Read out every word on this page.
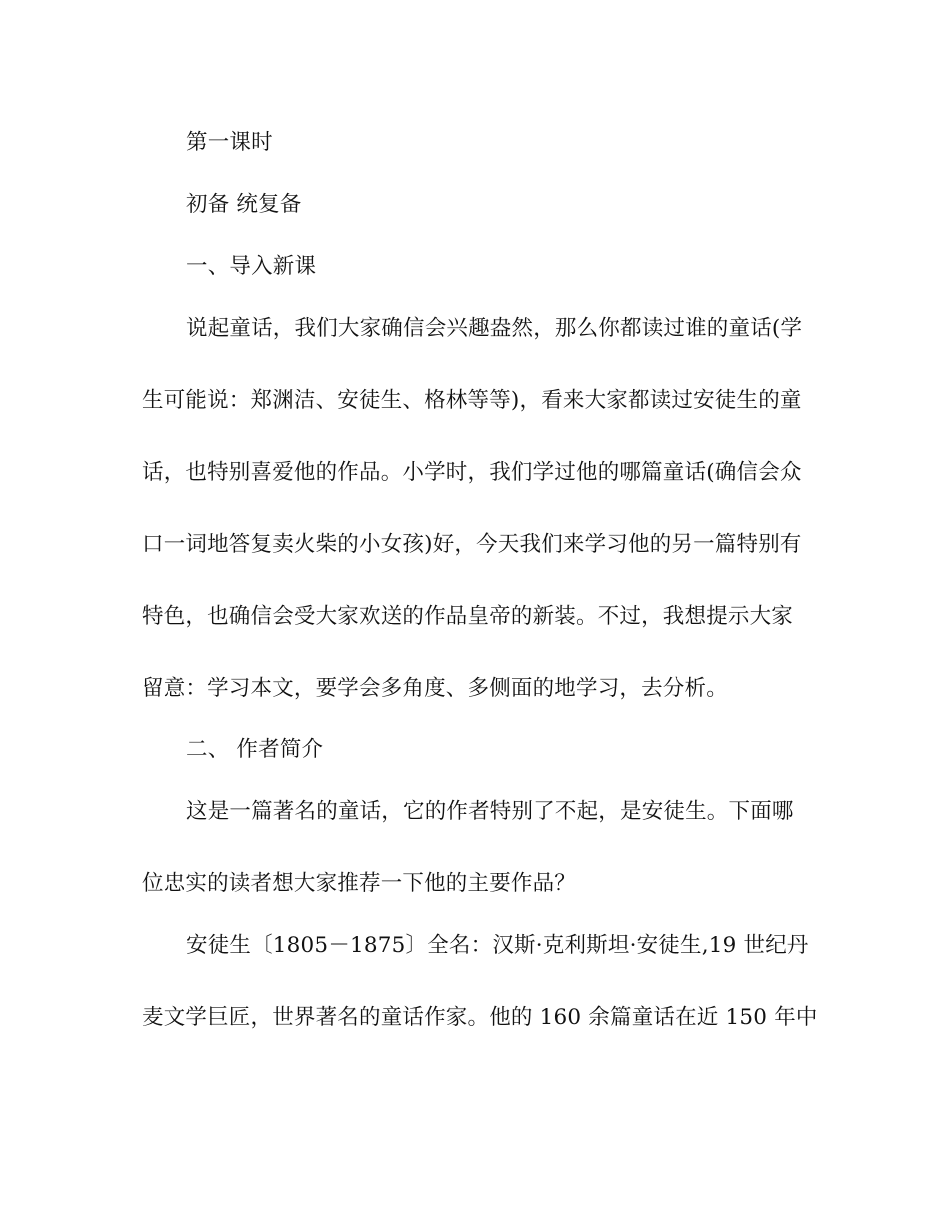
第一课时
初备 统复备
一、导入新课
说起童话，我们大家确信会兴趣盎然，那么你都读过谁的童话(学
生可能说：郑渊洁、安徒生、格林等等)，看来大家都读过安徒生的童
话，也特别喜爱他的作品。小学时，我们学过他的哪篇童话(确信会众
口一词地答复卖火柴的小女孩)好，今天我们来学习他的另一篇特别有
特色，也确信会受大家欢送的作品皇帝的新装。不过，我想提示大家
留意：学习本文，要学会多角度、多侧面的地学习，去分析。
二、 作者简介
这是一篇著名的童话，它的作者特别了不起，是安徒生。下面哪
位忠实的读者想大家推荐一下他的主要作品？
安徒生〔1805－1875〕全名：汉斯·克利斯坦·安徒生,19 世纪丹
麦文学巨匠，世界著名的童话作家。他的 160 余篇童话在近 150 年中
